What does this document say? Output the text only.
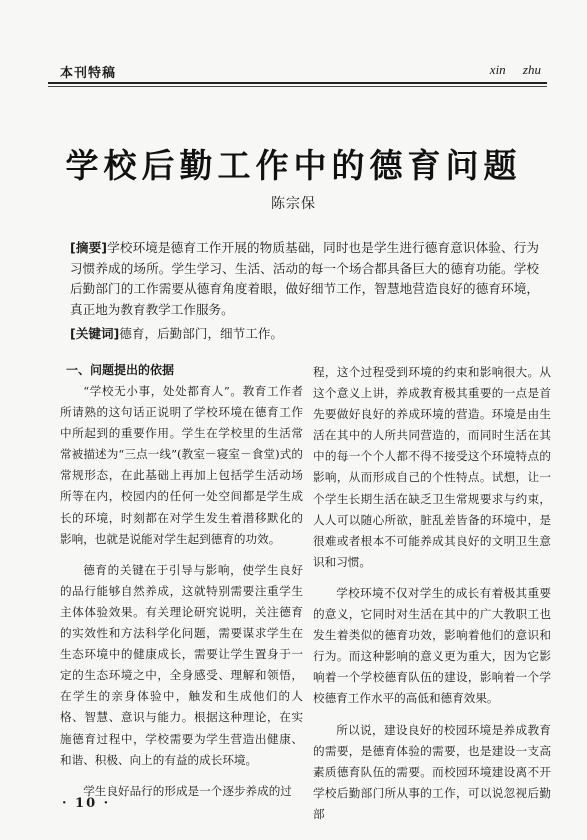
本刊特稿	xin zhu
学校后勤工作中的德育问题
陈宗保
[摘要]学校环境是德育工作开展的物质基础，同时也是学生进行德育意识体验、行为习惯养成的场所。学生学习、生活、活动的每一个场合都具备巨大的德育功能。学校后勤部门的工作需要从德育角度着眼，做好细节工作，智慧地营造良好的德育环境，真正地为教育教学工作服务。
[关键词]德育，后勤部门，细节工作。
一、问题提出的依据

“学校无小事，处处都育人”。教育工作者所请熟的这句话正说明了学校环境在德育工作中所起到的重要作用。学生在学校里的生活常常被描述为“三点一线”(教室－寝室－食堂)式的常规形态，在此基础上再加上包括学生活动场所等在内，校园内的任何一处空间都是学生成长的环境，时刻都在对学生发生着潜移默化的影响，也就是说能对学生起到德育的功效。

德育的关键在于引导与影响，使学生良好的品行能够自然养成，这就特别需要注重学生主体体验效果。有关理论研究说明，关注德育的实效性和方法科学化问题，需要谋求学生在生态环境中的健康成长，需要让学生置身于一定的生态环境之中，全身感受、理解和领悟，在学生的亲身体验中，触发和生成他们的人格、智慧、意识与能力。根据这种理论，在实施德育过程中，学校需要为学生营造出健康、和谐、积极、向上的有益的成长环境。

学生良好品行的形成是一个逐步养成的过

程，这个过程受到环境的约束和影响很大。从这个意义上讲，养成教育极其重要的一点是首先要做好良好的养成环境的营造。环境是由生活在其中的人所共同营造的，而同时生活在其中的每一个个人都不得不接受这个环境特点的影响，从而形成自己的个性特点。试想，让一个学生长期生活在缺乏卫生常规要求与约束，人人可以随心所欲，脏乱差皆备的环境中，是很难或者根本不可能养成其良好的文明卫生意识和习惯。

学校环境不仅对学生的成长有着极其重要的意义，它同时对生活在其中的广大教职工也发生着类似的德育功效，影响着他们的意识和行为。而这种影响的意义更为重大，因为它影响着一个学校德育队伍的建设，影响着一个学校德育工作水平的高低和德育效果。

所以说，建设良好的校园环境是养成教育的需要，是德育体验的需要，也是建设一支高素质德育队伍的需要。而校园环境建设离不开学校后勤部门所从事的工作，可以说忽视后勤部

· 10 ·
